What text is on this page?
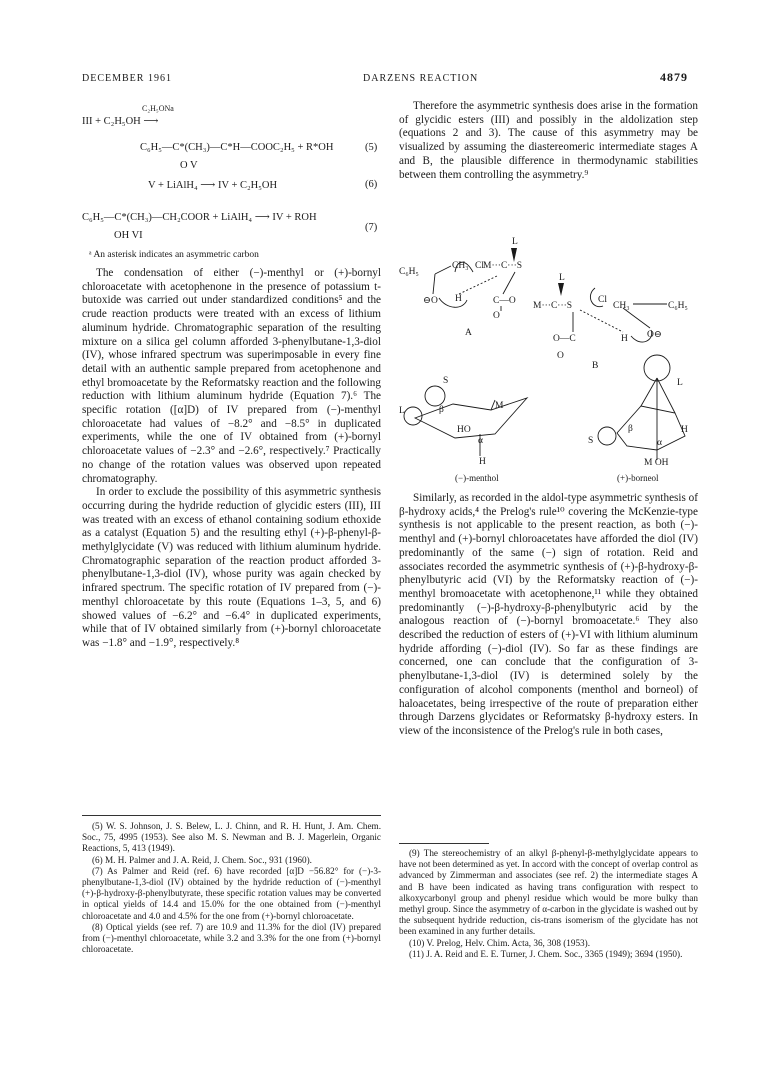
DECEMBER 1961	DARZENS REACTION	4879
C₂H₅ONa
III + C₂H₅OH ⟶
C₆H₅—C*(CH₃)—C*H—COOC₂H₅ + R*OH	(5)
O V
V + LiAlH₄ ⟶ IV + C₂H₅OH	(6)
C₆H₅—C*(CH₃)—CH₂COOR + LiAlH₄ ⟶ IV + ROH
(7)
OH VI
ᵃ An asterisk indicates an asymmetric carbon

The condensation of either (−)-menthyl or (+)-bornyl chloroacetate with acetophenone in the presence of potassium t-butoxide was carried out under standardized conditions⁵ and the crude reaction products were treated with an excess of lithium aluminum hydride. Chromatographic separation of the resulting mixture on a silica gel column afforded 3-phenylbutane-1,3-diol (IV), whose infrared spectrum was superimposable in every fine detail with an authentic sample prepared from acetophenone and ethyl bromoacetate by the Reformatsky reaction and the following reduction with lithium aluminum hydride (Equation 7).⁶ The specific rotation ([α]D) of IV prepared from (−)-menthyl chloroacetate had values of −8.2° and −8.5° in duplicated experiments, while the one of IV obtained from (+)-bornyl chloroacetate values of −2.3° and −2.6°, respectively.⁷ Practically no change of the rotation values was observed upon repeated chromatography.

In order to exclude the possibility of this asymmetric synthesis occurring during the hydride reduction of glycidic esters (III), III was treated with an excess of ethanol containing sodium ethoxide as a catalyst (Equation 5) and the resulting ethyl (+)-β-phenyl-β-methylglycidate (V) was reduced with lithium aluminum hydride. Chromatographic separation of the reaction product afforded 3-phenylbutane-1,3-diol (IV), whose purity was again checked by infrared spectrum. The specific rotation of IV prepared from (−)-menthyl chloroacetate by this route (Equations 1–3, 5, and 6) showed values of −6.2° and −6.4° in duplicated experiments, while that of IV obtained similarly from (+)-bornyl chloroacetate was −1.8° and −1.9°, respectively.⁸

(5) W. S. Johnson, J. S. Belew, L. J. Chinn, and R. H. Hunt, J. Am. Chem. Soc., 75, 4995 (1953). See also M. S. Newman and B. J. Magerlein, Organic Reactions, 5, 413 (1949).

(6) M. H. Palmer and J. A. Reid, J. Chem. Soc., 931 (1960).

(7) As Palmer and Reid (ref. 6) have recorded [α]D −56.82° for (−)-3-phenylbutane-1,3-diol (IV) obtained by the hydride reduction of (−)-menthyl (+)-β-hydroxy-β-phenylbutyrate, these specific rotation values may be converted in optical yields of 14.4 and 15.0% for the one obtained from (−)-menthyl chloroacetate and 4.0 and 4.5% for the one from (+)-bornyl chloroacetate.

(8) Optical yields (see ref. 7) are 10.9 and 11.3% for the diol (IV) prepared from (−)-menthyl chloroacetate, while 3.2 and 3.3% for the one from (+)-bornyl chloroacetate.

Therefore the asymmetric synthesis does arise in the formation of glycidic esters (III) and possibly in the aldolization step (equations 2 and 3). The cause of this asymmetry may be visualized by assuming the diastereomeric intermediate stages A and B, the plausible difference in thermodynamic stabilities between them controlling the asymmetry.⁹

L
C₆H₅
CH₃ Cl M···C···S
⊖O H	C—O
O
A
L
M···C···S
Cl
CH₃	C₆H₅
O—C	H O⊖
O
B
S
M
L	β
HO
α
H
(−)-menthol
L
S
β
α
H
M OH
(+)-borneol

Similarly, as recorded in the aldol-type asymmetric synthesis of β-hydroxy acids,⁴ the Prelog's rule¹⁰ covering the McKenzie-type synthesis is not applicable to the present reaction, as both (−)-menthyl and (+)-bornyl chloroacetates have afforded the diol (IV) predominantly of the same (−) sign of rotation. Reid and associates recorded the asymmetric synthesis of (+)-β-hydroxy-β-phenylbutyric acid (VI) by the Reformatsky reaction of (−)-menthyl bromoacetate with acetophenone,¹¹ while they obtained predominantly (−)-β-hydroxy-β-phenylbutyric acid by the analogous reaction of (−)-bornyl bromoacetate.⁶ They also described the reduction of esters of (+)-VI with lithium aluminum hydride affording (−)-diol (IV). So far as these findings are concerned, one can conclude that the configuration of 3-phenylbutane-1,3-diol (IV) is determined solely by the configuration of alcohol components (menthol and borneol) of haloacetates, being irrespective of the route of preparation either through Darzens glycidates or Reformatsky β-hydroxy esters. In view of the inconsistence of the Prelog's rule in both cases,

(9) The stereochemistry of an alkyl β-phenyl-β-methylglycidate appears to have not been determined as yet. In accord with the concept of overlap control as advanced by Zimmerman and associates (see ref. 2) the intermediate stages A and B have been indicated as having trans configuration with respect to alkoxycarbonyl group and phenyl residue which would be more bulky than methyl group. Since the asymmetry of α-carbon in the glycidate is washed out by the subsequent hydride reduction, cis-trans isomerism of the glycidate has not been examined in any further details.

(10) V. Prelog, Helv. Chim. Acta, 36, 308 (1953).

(11) J. A. Reid and E. E. Turner, J. Chem. Soc., 3365 (1949); 3694 (1950).
